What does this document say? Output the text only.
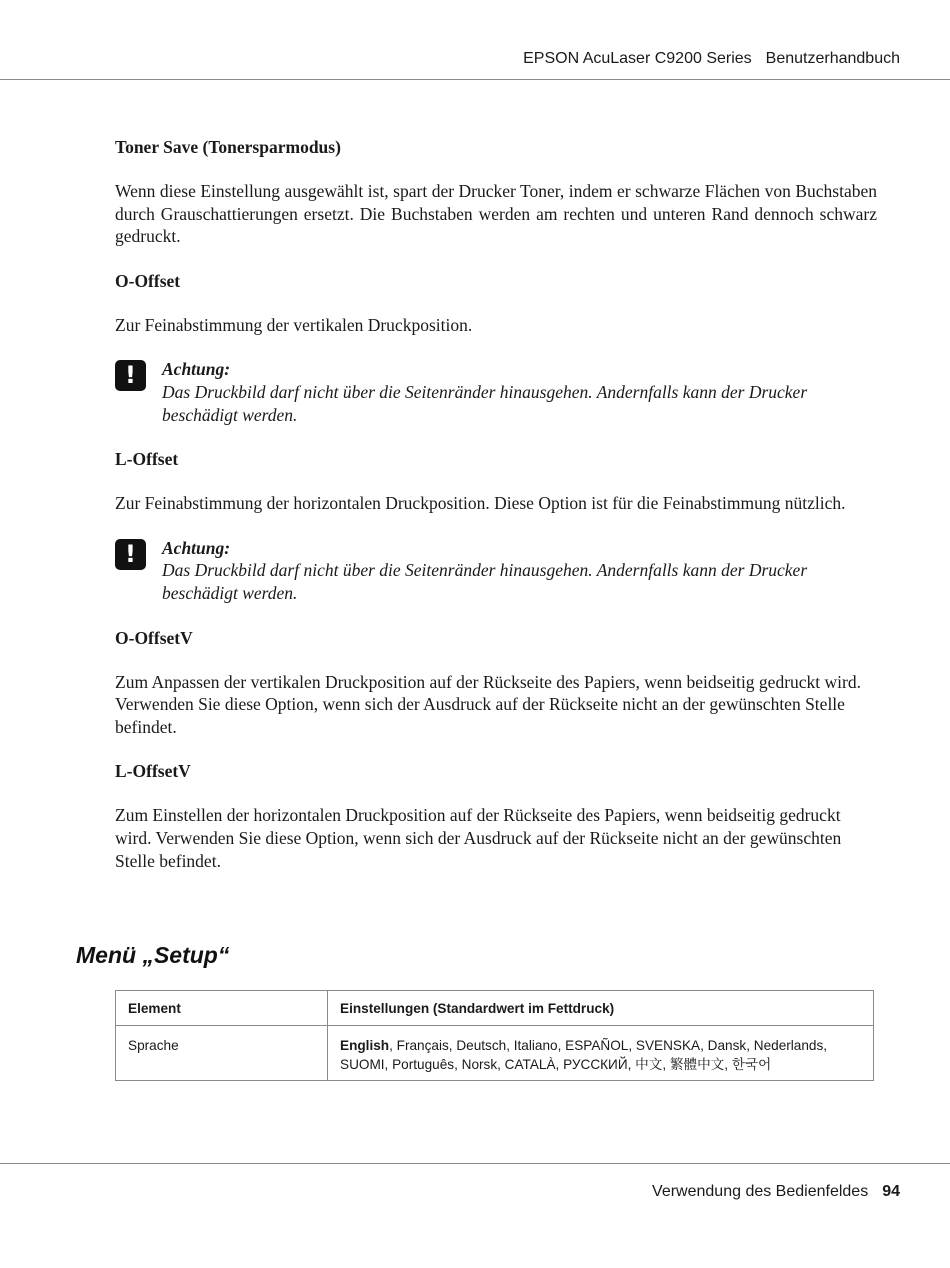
EPSON AcuLaser C9200 Series Benutzerhandbuch
Toner Save (Tonersparmodus)
Wenn diese Einstellung ausgewählt ist, spart der Drucker Toner, indem er schwarze Flächen von Buchstaben durch Grauschattierungen ersetzt. Die Buchstaben werden am rechten und unteren Rand dennoch schwarz gedruckt.
O-Offset
Zur Feinabstimmung der vertikalen Druckposition.
!	Achtung:
Das Druckbild darf nicht über die Seitenränder hinausgehen. Andernfalls kann der Drucker beschädigt werden.
L-Offset
Zur Feinabstimmung der horizontalen Druckposition. Diese Option ist für die Feinabstimmung nützlich.
!	Achtung:
Das Druckbild darf nicht über die Seitenränder hinausgehen. Andernfalls kann der Drucker beschädigt werden.
O-OffsetV
Zum Anpassen der vertikalen Druckposition auf der Rückseite des Papiers, wenn beidseitig gedruckt wird. Verwenden Sie diese Option, wenn sich der Ausdruck auf der Rückseite nicht an der gewünschten Stelle befindet.
L-OffsetV
Zum Einstellen der horizontalen Druckposition auf der Rückseite des Papiers, wenn beidseitig gedruckt wird. Verwenden Sie diese Option, wenn sich der Ausdruck auf der Rückseite nicht an der gewünschten Stelle befindet.
Menü „Setup“
Element	Einstellungen (Standardwert im Fettdruck)
Sprache	English, Français, Deutsch, Italiano, ESPAÑOL, SVENSKA, Dansk, Nederlands, SUOMI, Português, Norsk, CATALÀ, РУССКИЙ, 中文, 繁體中文, 한국어
Verwendung des Bedienfeldes 94
